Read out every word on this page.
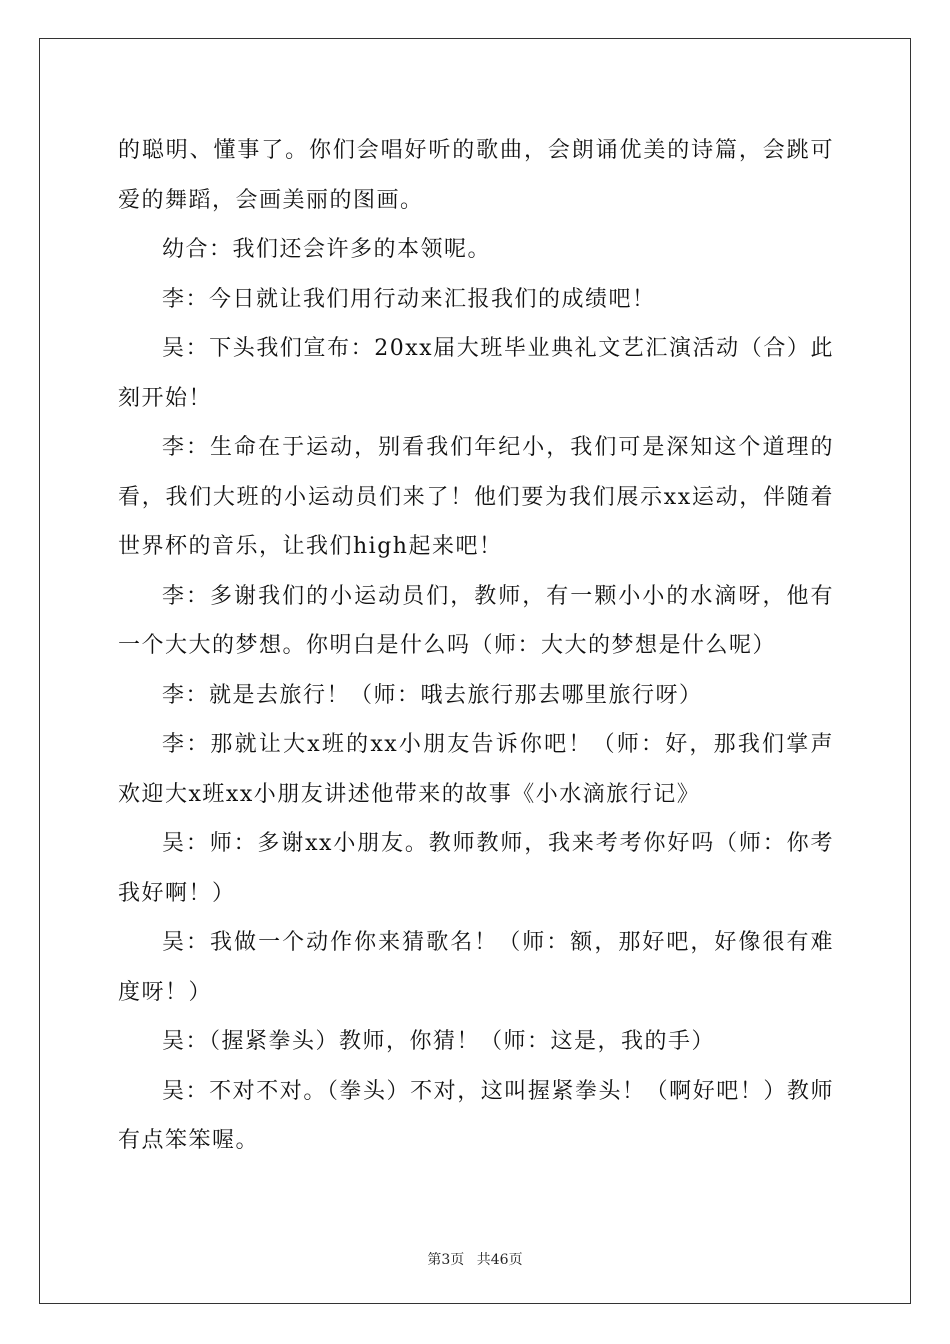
的聪明、懂事了。你们会唱好听的歌曲，会朗诵优美的诗篇，会跳可爱的舞蹈，会画美丽的图画。

幼合：我们还会许多的本领呢。

李：今日就让我们用行动来汇报我们的成绩吧！

吴：下头我们宣布：20xx届大班毕业典礼文艺汇演活动（合）此刻开始！

李：生命在于运动，别看我们年纪小，我们可是深知这个道理的看，我们大班的小运动员们来了！他们要为我们展示xx运动，伴随着世界杯的音乐，让我们high起来吧！

李：多谢我们的小运动员们，教师，有一颗小小的水滴呀，他有一个大大的梦想。你明白是什么吗（师：大大的梦想是什么呢）

李：就是去旅行！（师：哦去旅行那去哪里旅行呀）

李：那就让大x班的xx小朋友告诉你吧！（师：好，那我们掌声欢迎大x班xx小朋友讲述他带来的故事《小水滴旅行记》

吴：师：多谢xx小朋友。教师教师，我来考考你好吗（师：你考我好啊！）

吴：我做一个动作你来猜歌名！（师：额，那好吧，好像很有难度呀！）

吴：（握紧拳头）教师，你猜！（师：这是，我的手）

吴：不对不对。（拳头）不对，这叫握紧拳头！（啊好吧！）教师有点笨笨喔。

第3页 共46页
